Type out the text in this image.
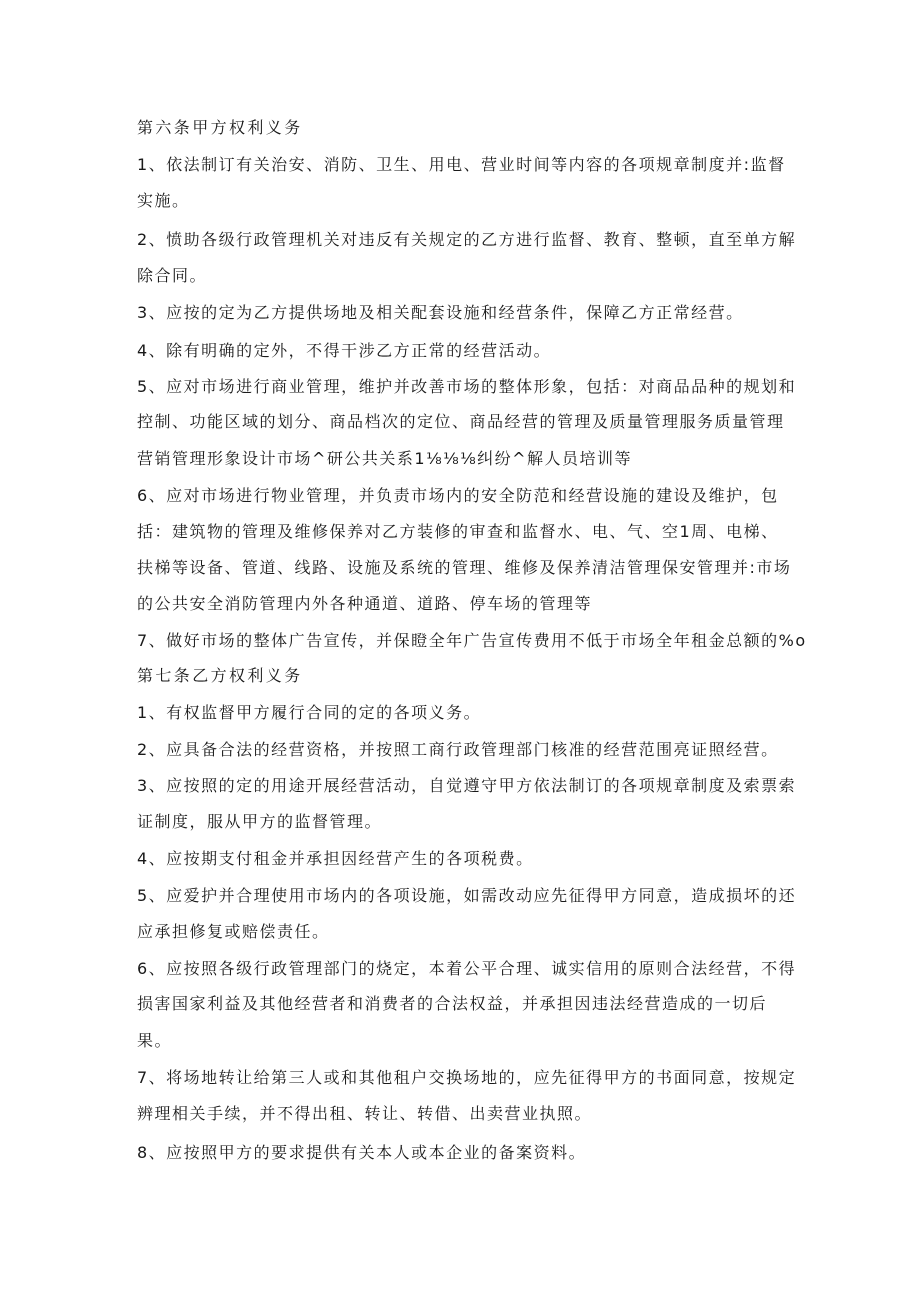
第六条甲方权利义务
1、依法制订有关治安、消防、卫生、用电、营业时间等内容的各项规章制度并:监督
实施。
2、愤助各级行政管理机关对违反有关规定的乙方进行监督、教育、整顿，直至单方解
除合同。
3、应按的定为乙方提供场地及相关配套设施和经营条件，保障乙方正常经营。
4、除有明确的定外，不得干涉乙方正常的经营活动。
5、应对市场进行商业管理，维护并改善市场的整体形象，包括：对商品品种的规划和
控制、功能区域的划分、商品档次的定位、商品经营的管理及质量管理服务质量管理
营销管理形象设计市场^研公共关系1⅛⅛⅛纠纷^解人员培训等
6、应对市场进行物业管理，并负责市场内的安全防范和经营设施的建设及维护，包
括：建筑物的管理及维修保养对乙方装修的审查和监督水、电、气、空1周、电梯、
扶梯等设备、管道、线路、设施及系统的管理、维修及保养清洁管理保安管理并:市场
的公共安全消防管理内外各种通道、道路、停车场的管理等
7、做好市场的整体广告宣传，并保瞪全年广告宣传费用不低于市场全年租金总额的%o
第七条乙方权利义务
1、有权监督甲方履行合同的定的各项义务。
2、应具备合法的经营资格，并按照工商行政管理部门核准的经营范围亮证照经营。
3、应按照的定的用途开展经营活动，自觉遵守甲方依法制订的各项规章制度及索票索
证制度，服从甲方的监督管理。
4、应按期支付租金并承担因经营产生的各项税费。
5、应爱护并合理使用市场内的各项设施，如需改动应先征得甲方同意，造成损坏的还
应承担修复或赔偿责任。
6、应按照各级行政管理部门的烧定，本着公平合理、诚实信用的原则合法经营，不得
损害国家利益及其他经营者和消费者的合法权益，并承担因违法经营造成的一切后
果。
7、将场地转让给第三人或和其他租户交换场地的，应先征得甲方的书面同意，按规定
辨理相关手续，并不得出租、转让、转借、出卖营业执照。
8、应按照甲方的要求提供有关本人或本企业的备案资料。
